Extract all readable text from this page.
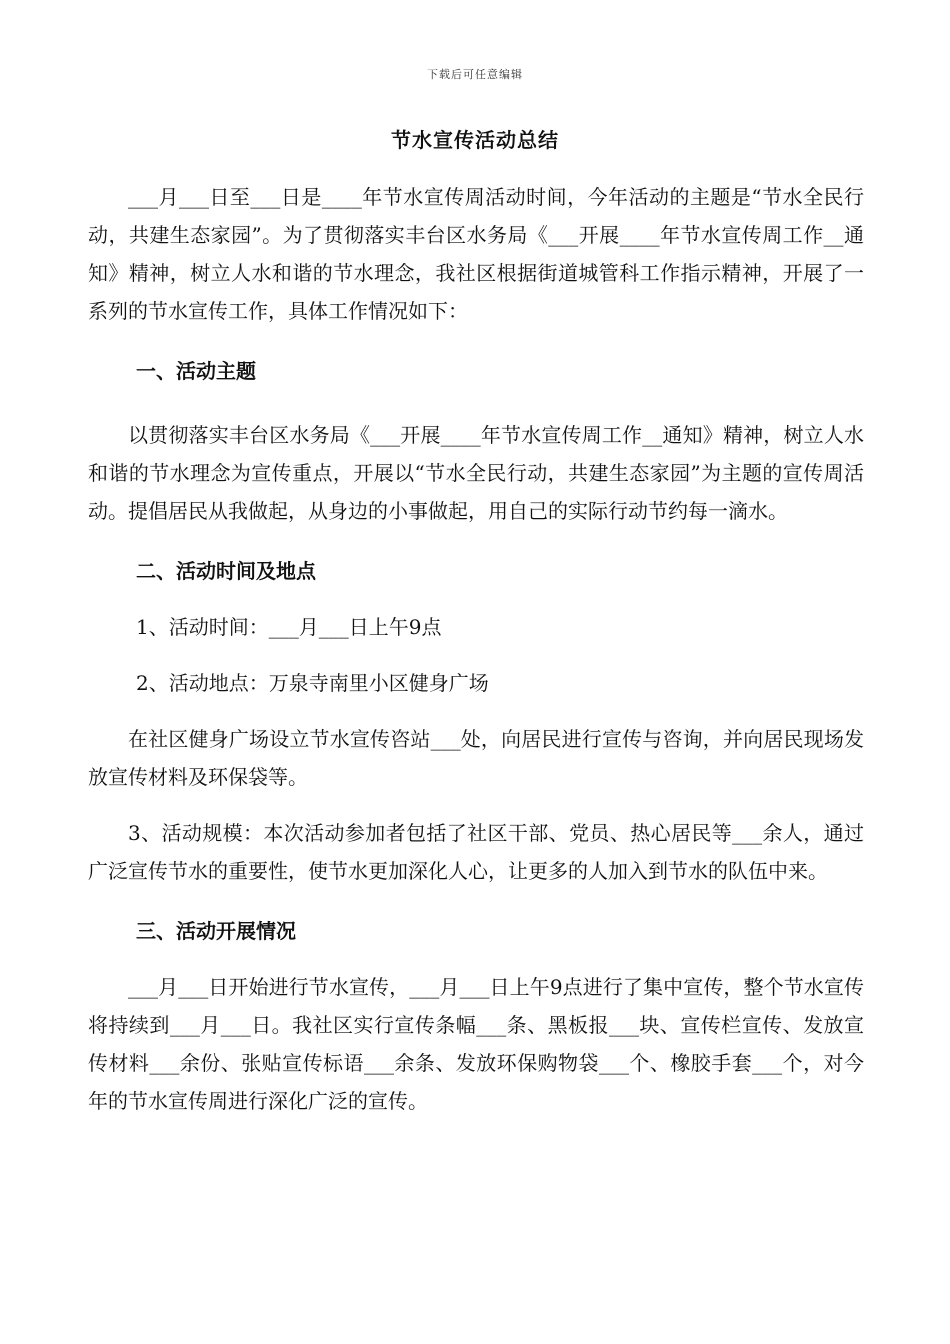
下载后可任意编辑
节水宣传活动总结

___月___日至___日是____年节水宣传周活动时间，今年活动的主题是“节水全民行动，共建生态家园”。为了贯彻落实丰台区水务局《___开展____年节水宣传周工作__通知》精神，树立人水和谐的节水理念，我社区根据街道城管科工作指示精神，开展了一系列的节水宣传工作，具体工作情况如下：

一、活动主题

以贯彻落实丰台区水务局《___开展____年节水宣传周工作__通知》精神，树立人水和谐的节水理念为宣传重点，开展以“节水全民行动，共建生态家园”为主题的宣传周活动。提倡居民从我做起，从身边的小事做起，用自己的实际行动节约每一滴水。

二、活动时间及地点

1、活动时间：___月___日上午9点

2、活动地点：万泉寺南里小区健身广场

在社区健身广场设立节水宣传咨站___处，向居民进行宣传与咨询，并向居民现场发放宣传材料及环保袋等。

3、活动规模：本次活动参加者包括了社区干部、党员、热心居民等___余人，通过广泛宣传节水的重要性，使节水更加深化人心，让更多的人加入到节水的队伍中来。

三、活动开展情况

___月___日开始进行节水宣传，___月___日上午9点进行了集中宣传，整个节水宣传将持续到___月___日。我社区实行宣传条幅___条、黑板报___块、宣传栏宣传、发放宣传材料___余份、张贴宣传标语___余条、发放环保购物袋___个、橡胶手套___个，对今年的节水宣传周进行深化广泛的宣传。
